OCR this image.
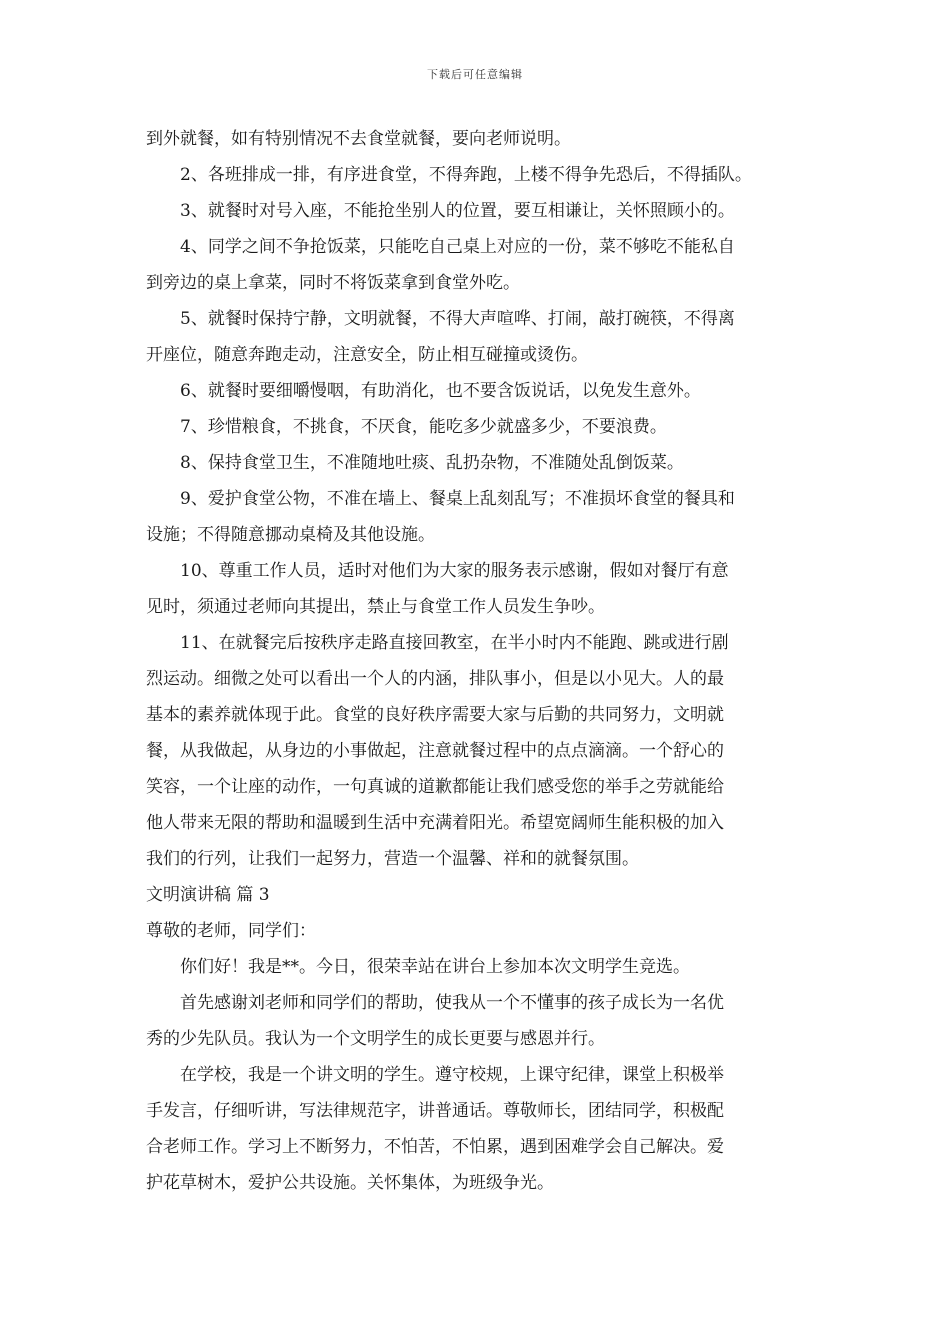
下载后可任意编辑
到外就餐，如有特别情况不去食堂就餐，要向老师说明。
2、各班排成一排，有序进食堂，不得奔跑，上楼不得争先恐后，不得插队。
3、就餐时对号入座，不能抢坐别人的位置，要互相谦让，关怀照顾小的。
4、同学之间不争抢饭菜，只能吃自己桌上对应的一份，菜不够吃不能私自
到旁边的桌上拿菜，同时不将饭菜拿到食堂外吃。
5、就餐时保持宁静，文明就餐，不得大声喧哗、打闹，敲打碗筷，不得离
开座位，随意奔跑走动，注意安全，防止相互碰撞或烫伤。
6、就餐时要细嚼慢咽，有助消化，也不要含饭说话，以免发生意外。
7、珍惜粮食，不挑食，不厌食，能吃多少就盛多少，不要浪费。
8、保持食堂卫生，不准随地吐痰、乱扔杂物，不准随处乱倒饭菜。
9、爱护食堂公物，不准在墙上、餐桌上乱刻乱写；不准损坏食堂的餐具和
设施；不得随意挪动桌椅及其他设施。
10、尊重工作人员，适时对他们为大家的服务表示感谢，假如对餐厅有意
见时，须通过老师向其提出，禁止与食堂工作人员发生争吵。
11、在就餐完后按秩序走路直接回教室，在半小时内不能跑、跳或进行剧
烈运动。细微之处可以看出一个人的内涵，排队事小，但是以小见大。人的最
基本的素养就体现于此。食堂的良好秩序需要大家与后勤的共同努力，文明就
餐，从我做起，从身边的小事做起，注意就餐过程中的点点滴滴。一个舒心的
笑容，一个让座的动作，一句真诚的道歉都能让我们感受您的举手之劳就能给
他人带来无限的帮助和温暖到生活中充满着阳光。希望宽阔师生能积极的加入
我们的行列，让我们一起努力，营造一个温馨、祥和的就餐氛围。
文明演讲稿 篇 3
尊敬的老师，同学们：
你们好！我是**。今日，很荣幸站在讲台上参加本次文明学生竞选。
首先感谢刘老师和同学们的帮助，使我从一个不懂事的孩子成长为一名优
秀的少先队员。我认为一个文明学生的成长更要与感恩并行。
在学校，我是一个讲文明的学生。遵守校规，上课守纪律，课堂上积极举
手发言，仔细听讲，写法律规范字，讲普通话。尊敬师长，团结同学，积极配
合老师工作。学习上不断努力，不怕苦，不怕累，遇到困难学会自己解决。爱
护花草树木，爱护公共设施。关怀集体，为班级争光。
